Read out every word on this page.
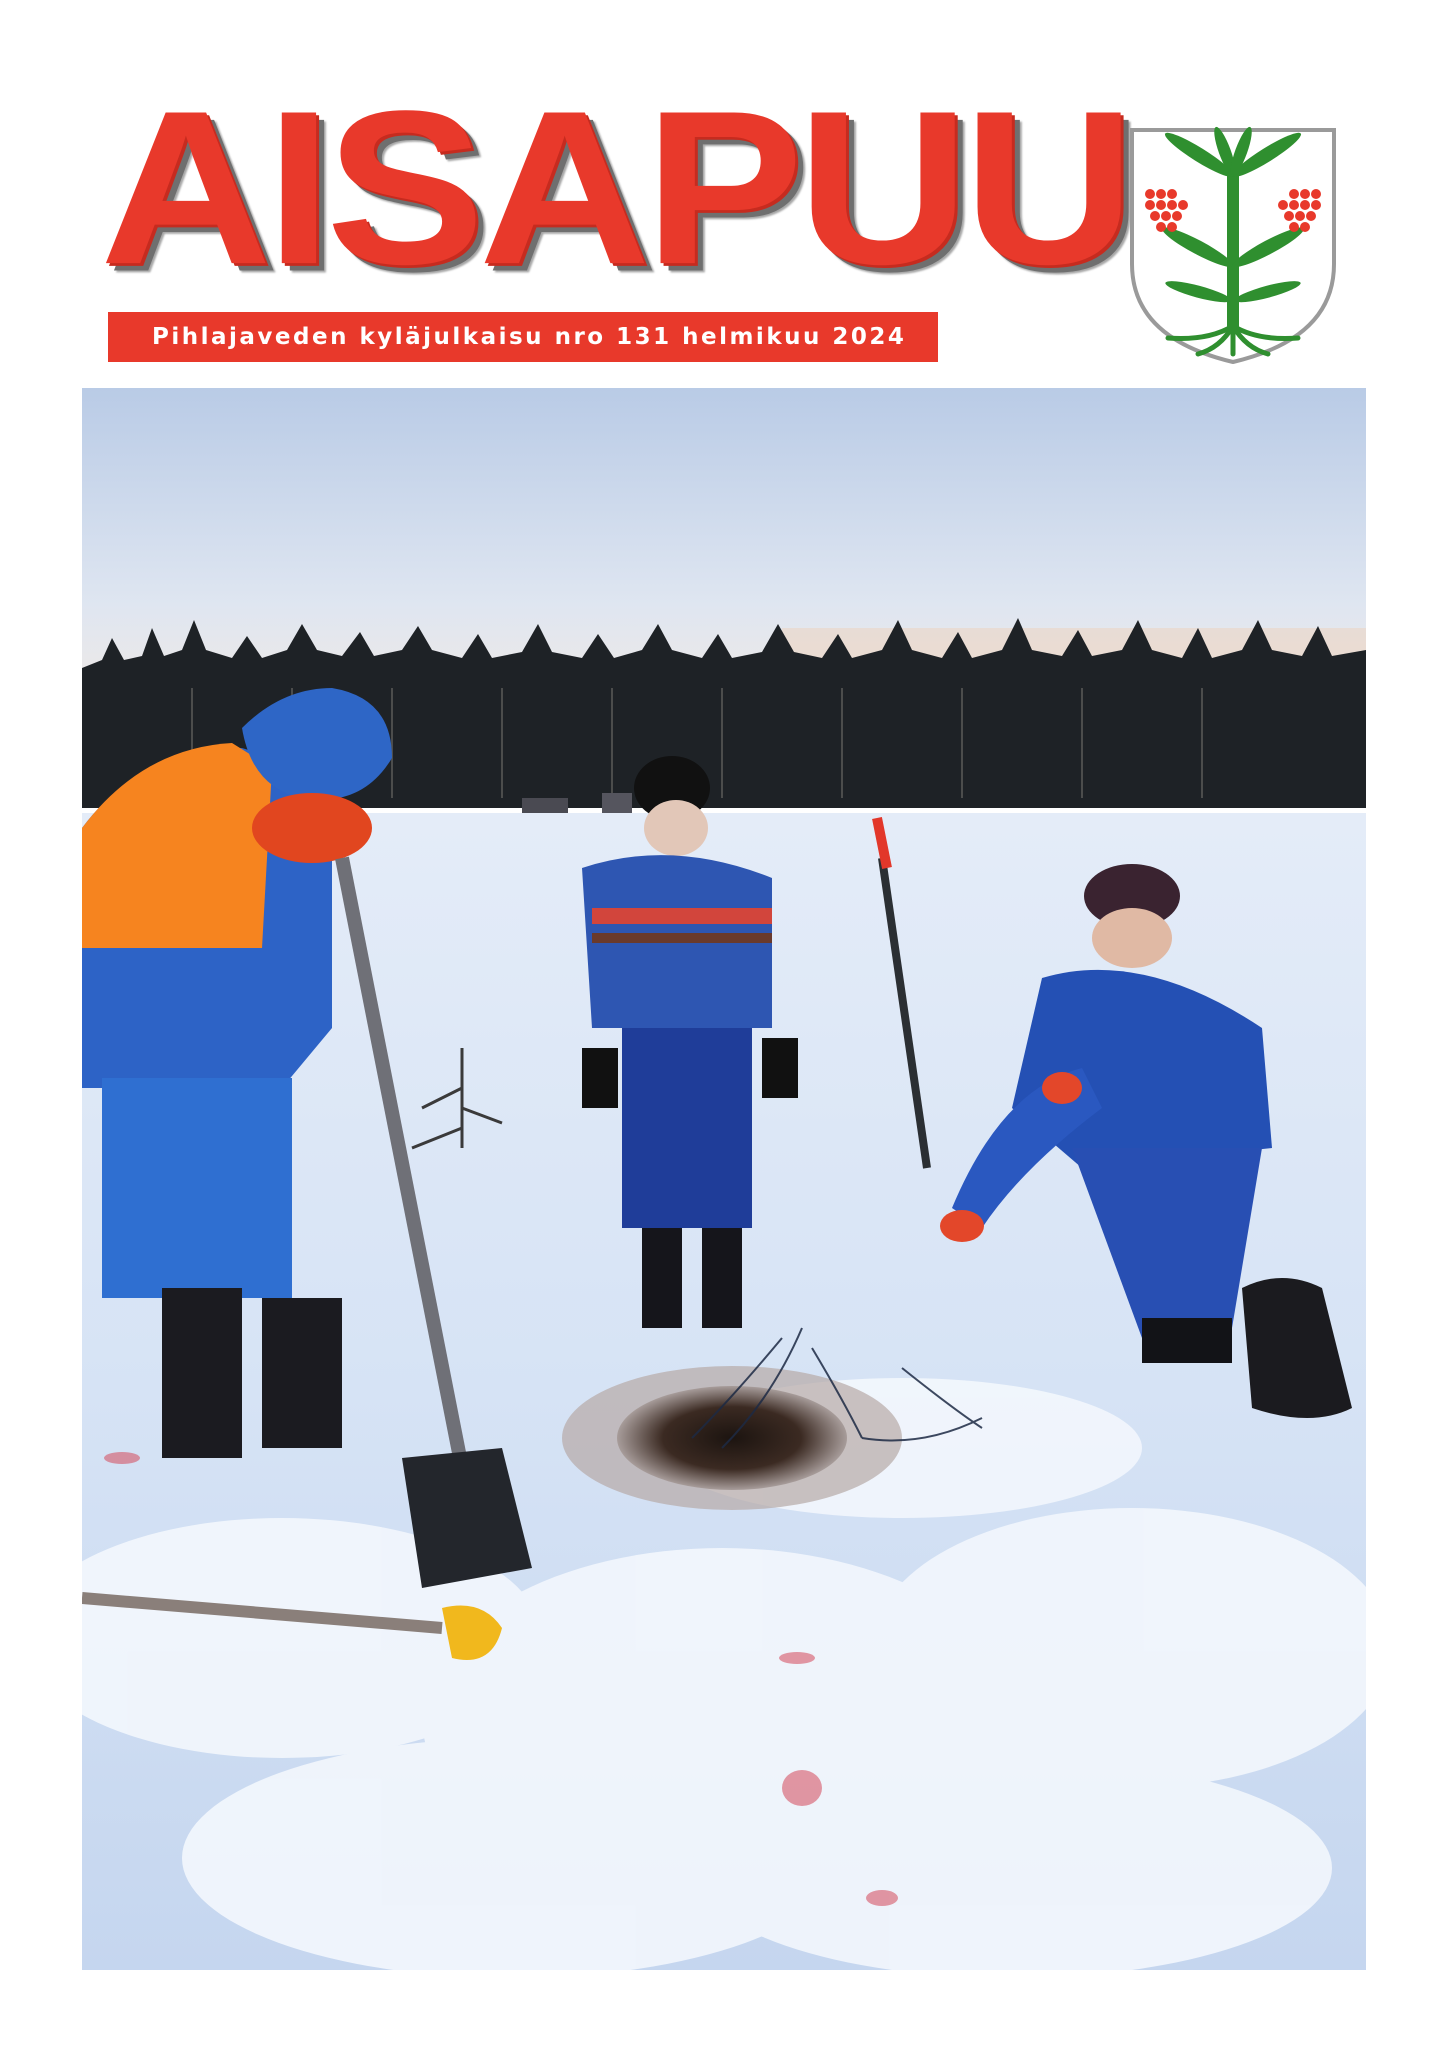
AISAPUU
Pihlajaveden kyläjulkaisu nro 131 helmikuu 2024
